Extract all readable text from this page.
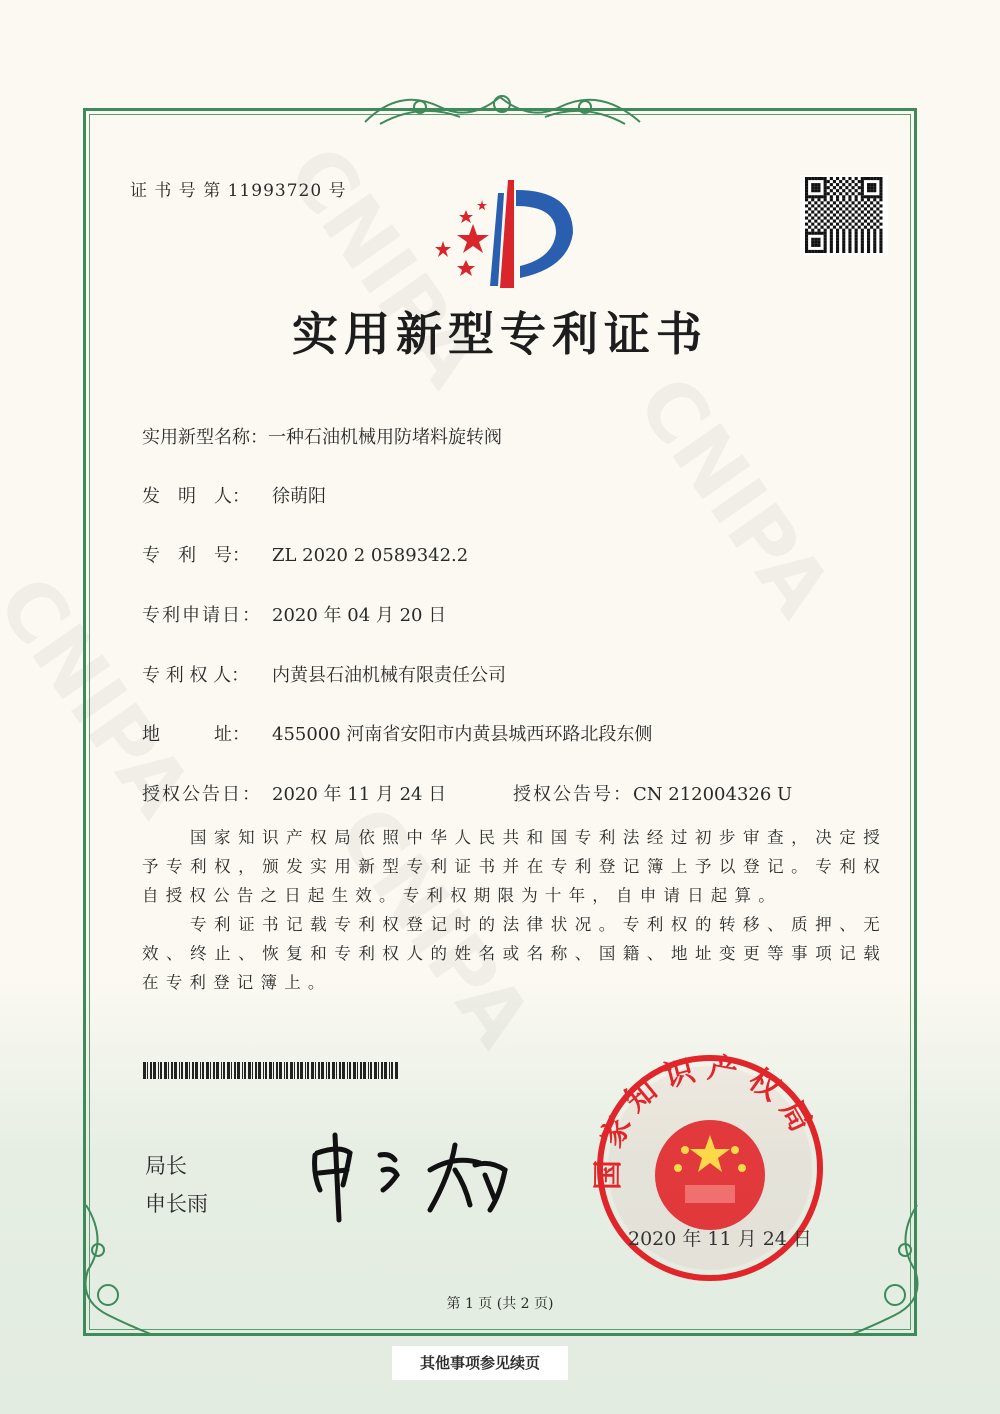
证 书 号 第 11993720 号
实用新型专利证书
实用新型名称：一种石油机械用防堵料旋转阀
发　明　人： 徐萌阳
专　利　号： ZL 2020 2 0589342.2
专利申请日： 2020 年 04 月 20 日
专 利 权 人： 内黄县石油机械有限责任公司
地　　　址： 455000 河南省安阳市内黄县城西环路北段东侧
授权公告日： 2020 年 11 月 24 日	授权公告号：CN 212004326 U

国家知识产权局依照中华人民共和国专利法经过初步审查，决定授予专利权，颁发实用新型专利证书并在专利登记簿上予以登记。专利权自授权公告之日起生效。专利权期限为十年，自申请日起算。

专利证书记载专利权登记时的法律状况。专利权的转移、质押、无效、终止、恢复和专利权人的姓名或名称、国籍、地址变更等事项记载在专利登记簿上。

局长
申长雨
国家知识产权局
2020 年 11 月 24 日
第 1 页 (共 2 页)
其他事项参见续页
